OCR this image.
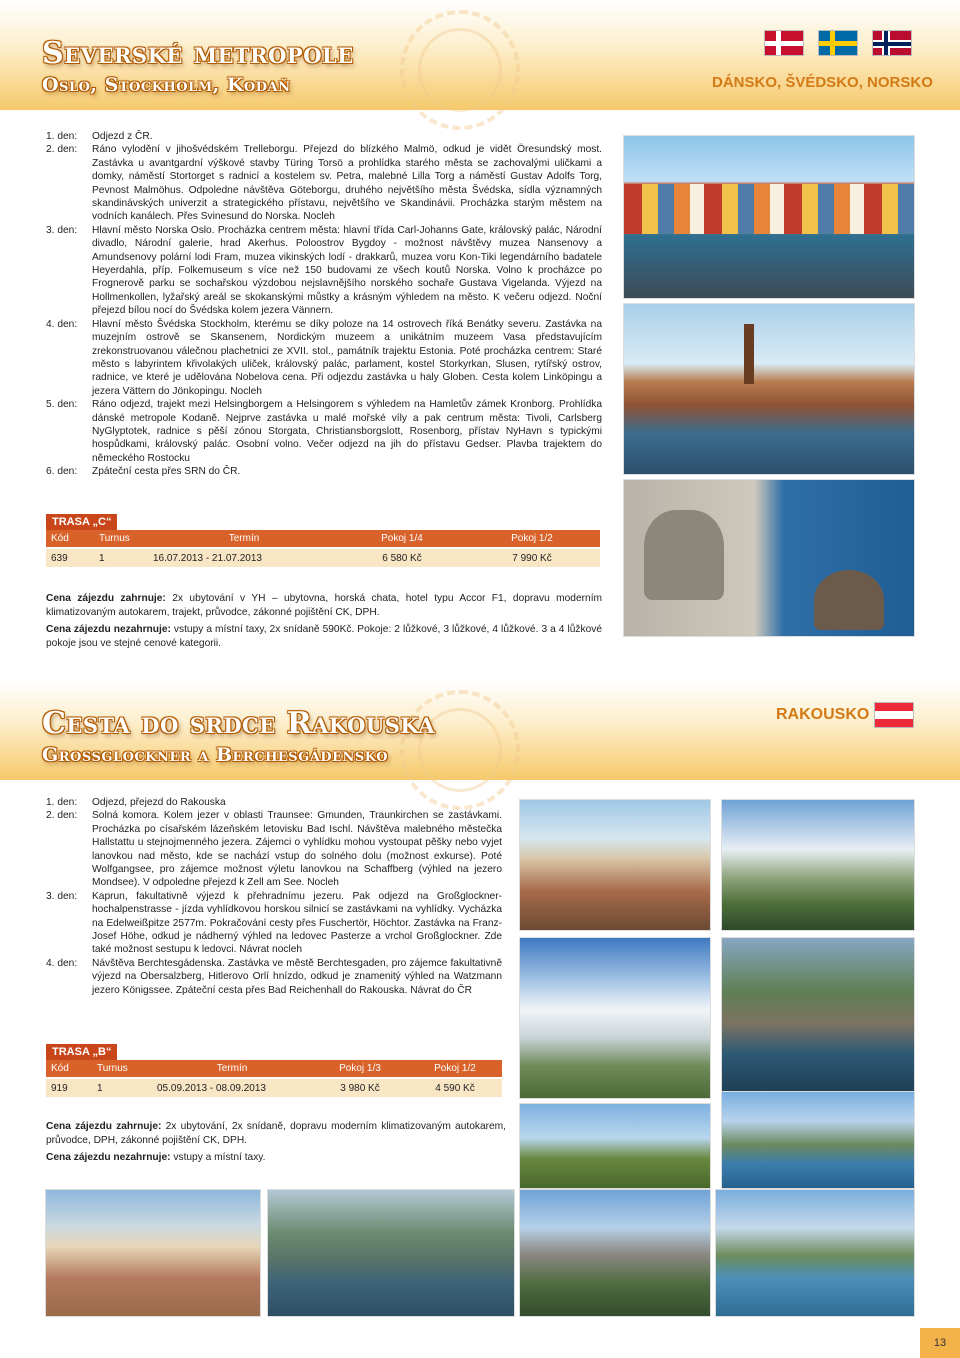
Severské metropole
Oslo, Stockholm, Kodaň	DÁNSKO, ŠVÉDSKO, NORSKO
1. den:	Odjezd z ČR.
2. den:	Ráno vylodění v jihošvédském Trelleborgu. Přejezd do blízkého Malmö, odkud je vidět Öresundský most. Zastávka u avantgardní výškové stavby Türing Torsö a prohlídka starého města se zachovalými uličkami a domky, náměstí Stortorget s radnicí a kostelem sv. Petra, malebné Lilla Torg a náměstí Gustav Adolfs Torg, Pevnost Malmöhus. Odpoledne návštěva Göteborgu, druhého největšího města Švédska, sídla významných skandinávských univerzit a strategického přístavu, největšího ve Skandinávii. Procházka starým městem na vodních kanálech. Přes Svinesund do Norska. Nocleh
3. den:	Hlavní město Norska Oslo. Procházka centrem města: hlavní třída Carl-Johanns Gate, královský palác, Národní divadlo, Národní galerie, hrad Akerhus. Poloostrov Bygdoy - možnost návštěvy muzea Nansenovy a Amundsenovy polární lodi Fram, muzea vikinských lodí - drakkarů, muzea voru Kon-Tiki legendárního badatele Heyerdahla, příp. Folkemuseum s více než 150 budovami ze všech koutů Norska. Volno k procházce po Frognerově parku se sochařskou výzdobou nejslavnějšího norského sochaře Gustava Vigelanda. Výjezd na Hollmenkollen, lyžařský areál se skokanskými můstky a krásným výhledem na město. K večeru odjezd. Noční přejezd bílou nocí do Švédska kolem jezera Vännern.
4. den:	Hlavní město Švédska Stockholm, kterému se díky poloze na 14 ostrovech říká Benátky severu. Zastávka na muzejním ostrově se Skansenem, Nordickým muzeem a unikátním muzeem Vasa představujícím zrekonstruovanou válečnou plachetnici ze XVII. stol., památník trajektu Estonia. Poté procházka centrem: Staré město s labyrintem křivolakých uliček, královský palác, parlament, kostel Storkyrkan, Slusen, rytířský ostrov, radnice, ve které je udělována Nobelova cena. Při odjezdu zastávka u haly Globen. Cesta kolem Linköpingu a jezera Vättern do Jönkopingu. Nocleh
5. den:	Ráno odjezd, trajekt mezi Helsingborgem a Helsingorem s výhledem na Hamletův zámek Kronborg. Prohlídka dánské metropole Kodaně. Nejprve zastávka u malé mořské víly a pak centrum města: Tivoli, Carlsberg NyGlyptotek, radnice s pěší zónou Storgata, Christiansborgslott, Rosenborg, přístav NyHavn s typickými hospůdkami, královský palác. Osobní volno. Večer odjezd na jih do přístavu Gedser. Plavba trajektem do německého Rostocku
6. den:	Zpáteční cesta přes SRN do ČR.
TRASA „C“
Kód	Turnus	Termín	Pokoj 1/4	Pokoj 1/2
639	1	16.07.2013 - 21.07.2013	6 580 Kč	7 990 Kč

Cena zájezdu zahrnuje: 2x ubytování v YH – ubytovna, horská chata, hotel typu Accor F1, dopravu moderním klimatizovaným autokarem, trajekt, průvodce, zákonné pojištění CK, DPH.

Cena zájezdu nezahrnuje: vstupy a místní taxy, 2x snídaně 590Kč. Pokoje: 2 lůžkové, 3 lůžkové, 4 lůžkové. 3 a 4 lůžkové pokoje jsou ve stejné cenové kategorii.

Cesta do srdce Rakouska
Grossglockner a Berchesgádensko
RAKOUSKO
1. den:	Odjezd, přejezd do Rakouska
2. den:	Solná komora. Kolem jezer v oblasti Traunsee: Gmunden, Traunkirchen se zastávkami. Procházka po císařském lázeňském letovisku Bad Ischl. Návštěva malebného městečka Hallstattu u stejnojmenného jezera. Zájemci o vyhlídku mohou vystoupat pěšky nebo vyjet lanovkou nad město, kde se nachází vstup do solného dolu (možnost exkurse). Poté Wolfgangsee, pro zájemce možnost výletu lanovkou na Schaffberg (výhled na jezero Mondsee). V odpoledne přejezd k Zell am See. Nocleh
3. den:	Kaprun, fakultativně výjezd k přehradnímu jezeru. Pak odjezd na Großglockner-hochalpenstrasse - jízda vyhlídkovou horskou silnicí se zastávkami na vyhlídky. Vycházka na Edelweißpitze 2577m. Pokračování cesty přes Fuschertör, Höchtor. Zastávka na Franz-Josef Höhe, odkud je nádherný výhled na ledovec Pasterze a vrchol Großglockner. Zde také možnost sestupu k ledovci. Návrat nocleh
4. den:	Návštěva Berchtesgádenska. Zastávka ve městě Berchtesgaden, pro zájemce fakultativně výjezd na Obersalzberg, Hitlerovo Orlí hnízdo, odkud je znamenitý výhled na Watzmann jezero Königssee. Zpáteční cesta přes Bad Reichenhall do Rakouska. Návrat do ČR
TRASA „B“
Kód	Turnus	Termín	Pokoj 1/3	Pokoj 1/2
919	1	05.09.2013 - 08.09.2013	3 980 Kč	4 590 Kč

Cena zájezdu zahrnuje: 2x ubytování, 2x snídaně, dopravu moderním klimatizovaným autokarem, průvodce, DPH, zákonné pojištění CK, DPH.

Cena zájezdu nezahrnuje: vstupy a místní taxy.

13
